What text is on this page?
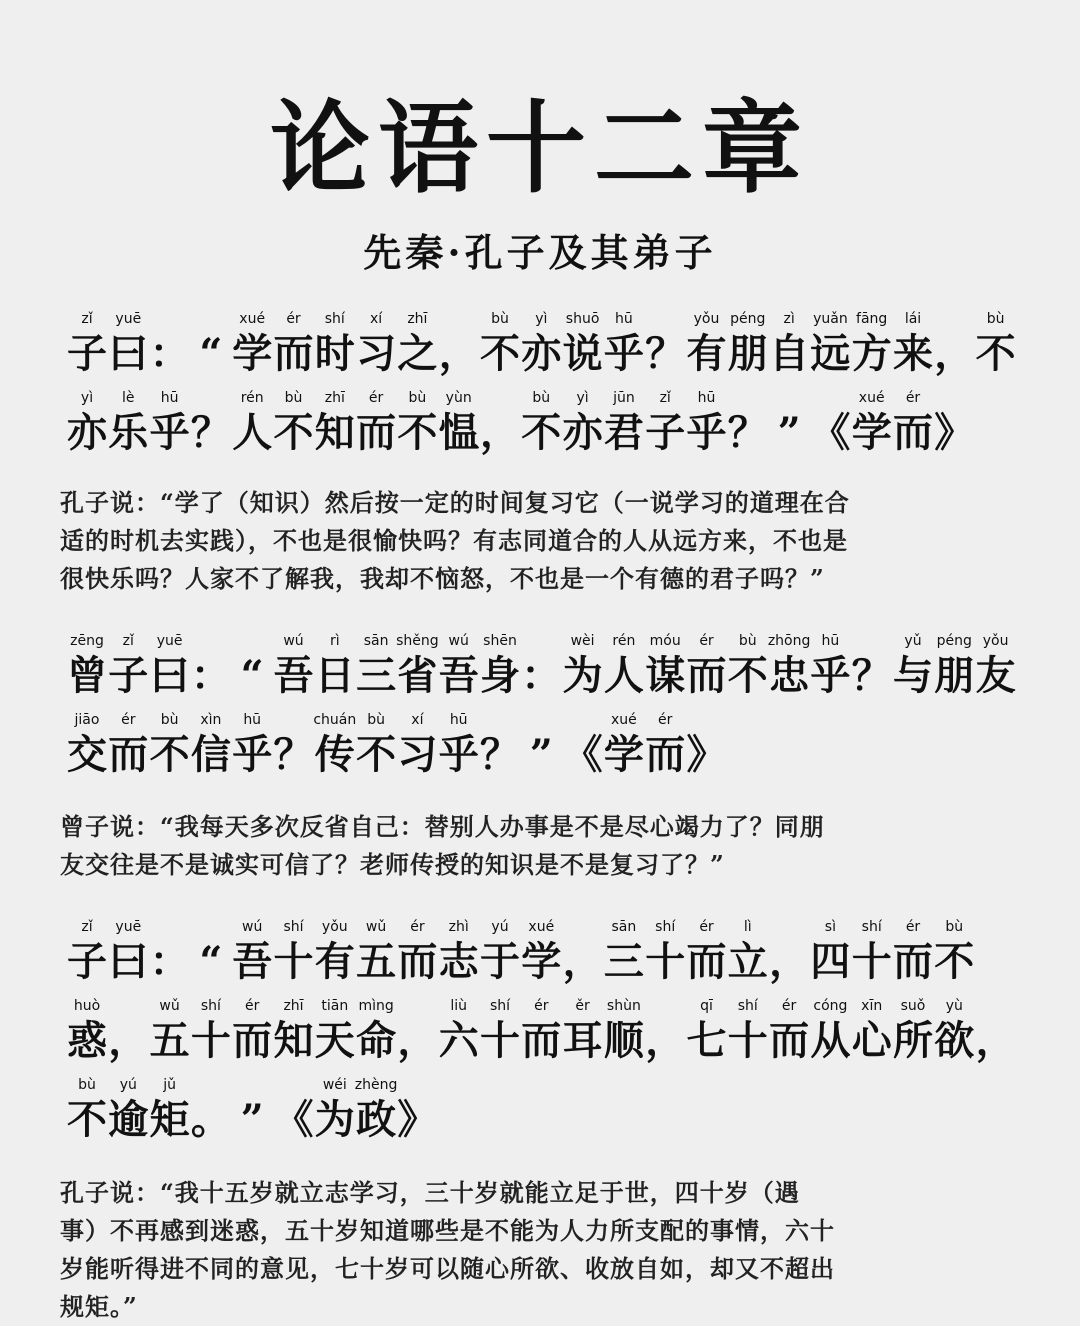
论语十二章
先秦·孔子及其弟子
zǐ
子
yuē
曰 ： “
xué
学
ér
而
shí
时
xí
习
zhī
之 ，
bù
不
yì
亦
shuō
说
hū
乎 ？
yǒu
有
péng
朋
zì
自
yuǎn
远
fāng
方
lái
来 ，
bù
不
yì
亦
lè
乐
hū
乎 ？
rén
人
bù
不
zhī
知
ér
而
bù
不
yùn
愠 ，
bù
不
yì
亦
jūn
君
zǐ
子
hū
乎 ？ ” 《
xué
学
ér
而 》
孔子说：“学了（知识）然后按一定的时间复习它（一说学习的道理在合
适的时机去实践），不也是很愉快吗？有志同道合的人从远方来，不也是
很快乐吗？人家不了解我，我却不恼怒，不也是一个有德的君子吗？”
zēng
曾
zǐ
子
yuē
曰 ： “
wú
吾
rì
日
sān
三
shěng
省
wú
吾
shēn
身 ：
wèi
为
rén
人
móu
谋
ér
而
bù
不
zhōng
忠
hū
乎 ？
yǔ
与
péng
朋
yǒu
友
jiāo
交
ér
而
bù
不
xìn
信
hū
乎 ？
chuán
传
bù
不
xí
习
hū
乎 ？ ” 《
xué
学
ér
而 》
曾子说：“我每天多次反省自己：替别人办事是不是尽心竭力了？同朋
友交往是不是诚实可信了？老师传授的知识是不是复习了？”
zǐ
子
yuē
曰 ： “
wú
吾
shí
十
yǒu
有
wǔ
五
ér
而
zhì
志
yú
于
xué
学 ，
sān
三
shí
十
ér
而
lì
立 ，
sì
四
shí
十
ér
而
bù
不
huò
惑 ，
wǔ
五
shí
十
ér
而
zhī
知
tiān
天
mìng
命 ，
liù
六
shí
十
ér
而
ěr
耳
shùn
顺 ，
qī
七
shí
十
ér
而
cóng
从
xīn
心
suǒ
所
yù
欲 ，
bù
不
yú
逾
jǔ
矩 。 ” 《
wéi
为
zhèng
政 》
孔子说：“我十五岁就立志学习，三十岁就能立足于世，四十岁（遇
事）不再感到迷惑，五十岁知道哪些是不能为人力所支配的事情，六十
岁能听得进不同的意见，七十岁可以随心所欲、收放自如，却又不超出
规矩。”
